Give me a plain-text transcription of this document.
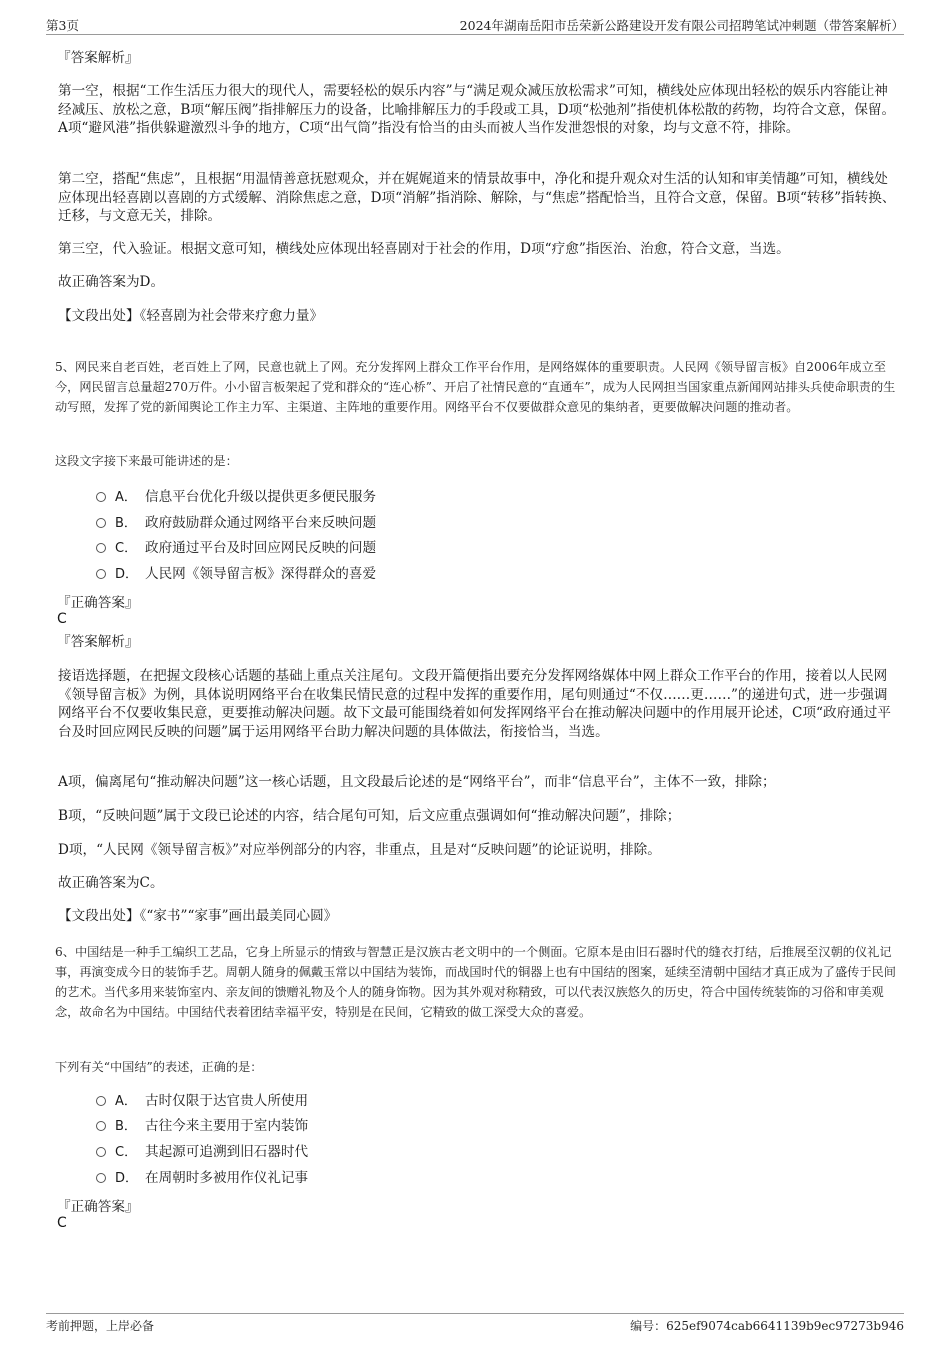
第3页	2024年湖南岳阳市岳荣新公路建设开发有限公司招聘笔试冲刺题（带答案解析）
『答案解析』
第一空，根据“工作生活压力很大的现代人，需要轻松的娱乐内容”与“满足观众减压放松需求”可知，横线处应体现出轻松的娱乐内容能让神经减压、放松之意，B项“解压阀”指排解压力的设备，比喻排解压力的手段或工具，D项“松弛剂”指使机体松散的药物，均符合文意，保留。A项“避风港”指供躲避激烈斗争的地方，C项“出气筒”指没有恰当的由头而被人当作发泄怨恨的对象，均与文意不符，排除。
第二空，搭配“焦虑”，且根据“用温情善意抚慰观众，并在娓娓道来的情景故事中，净化和提升观众对生活的认知和审美情趣”可知，横线处应体现出轻喜剧以喜剧的方式缓解、消除焦虑之意，D项“消解”指消除、解除，与“焦虑”搭配恰当，且符合文意，保留。B项“转移”指转换、迁移，与文意无关，排除。
第三空，代入验证。根据文意可知，横线处应体现出轻喜剧对于社会的作用，D项“疗愈”指医治、治愈，符合文意，当选。
故正确答案为D。
【文段出处】《轻喜剧为社会带来疗愈力量》
5、网民来自老百姓，老百姓上了网，民意也就上了网。充分发挥网上群众工作平台作用，是网络媒体的重要职责。人民网《领导留言板》自2006年成立至今，网民留言总量超270万件。小小留言板架起了党和群众的“连心桥”、开启了社情民意的“直通车”，成为人民网担当国家重点新闻网站排头兵使命职责的生动写照，发挥了党的新闻舆论工作主力军、主渠道、主阵地的重要作用。网络平台不仅要做群众意见的集纳者，更要做解决问题的推动者。
这段文字接下来最可能讲述的是：
A． 信息平台优化升级以提供更多便民服务
B． 政府鼓励群众通过网络平台来反映问题
C． 政府通过平台及时回应网民反映的问题
D． 人民网《领导留言板》深得群众的喜爱
『正确答案』
C
『答案解析』
接语选择题，在把握文段核心话题的基础上重点关注尾句。文段开篇便指出要充分发挥网络媒体中网上群众工作平台的作用，接着以人民网《领导留言板》为例，具体说明网络平台在收集民情民意的过程中发挥的重要作用，尾句则通过“不仅……更……”的递进句式，进一步强调网络平台不仅要收集民意，更要推动解决问题。故下文最可能围绕着如何发挥网络平台在推动解决问题中的作用展开论述，C项“政府通过平台及时回应网民反映的问题”属于运用网络平台助力解决问题的具体做法，衔接恰当，当选。
A项，偏离尾句“推动解决问题”这一核心话题，且文段最后论述的是“网络平台”，而非“信息平台”，主体不一致，排除；
B项，“反映问题”属于文段已论述的内容，结合尾句可知，后文应重点强调如何“推动解决问题”，排除；
D项，“人民网《领导留言板》”对应举例部分的内容，非重点，且是对“反映问题”的论证说明，排除。
故正确答案为C。
【文段出处】《“家书”“家事”画出最美同心圆》
6、中国结是一种手工编织工艺品，它身上所显示的情致与智慧正是汉族古老文明中的一个侧面。它原本是由旧石器时代的缝衣打结，后推展至汉朝的仪礼记事，再演变成今日的装饰手艺。周朝人随身的佩戴玉常以中国结为装饰，而战国时代的铜器上也有中国结的图案，延续至清朝中国结才真正成为了盛传于民间的艺术。当代多用来装饰室内、亲友间的馈赠礼物及个人的随身饰物。因为其外观对称精致，可以代表汉族悠久的历史，符合中国传统装饰的习俗和审美观念，故命名为中国结。中国结代表着团结幸福平安，特别是在民间，它精致的做工深受大众的喜爱。
下列有关“中国结”的表述，正确的是：
A． 古时仅限于达官贵人所使用
B． 古往今来主要用于室内装饰
C． 其起源可追溯到旧石器时代
D． 在周朝时多被用作仪礼记事
『正确答案』
C
考前押题，上岸必备	编号：625ef9074cab6641139b9ec97273b946
